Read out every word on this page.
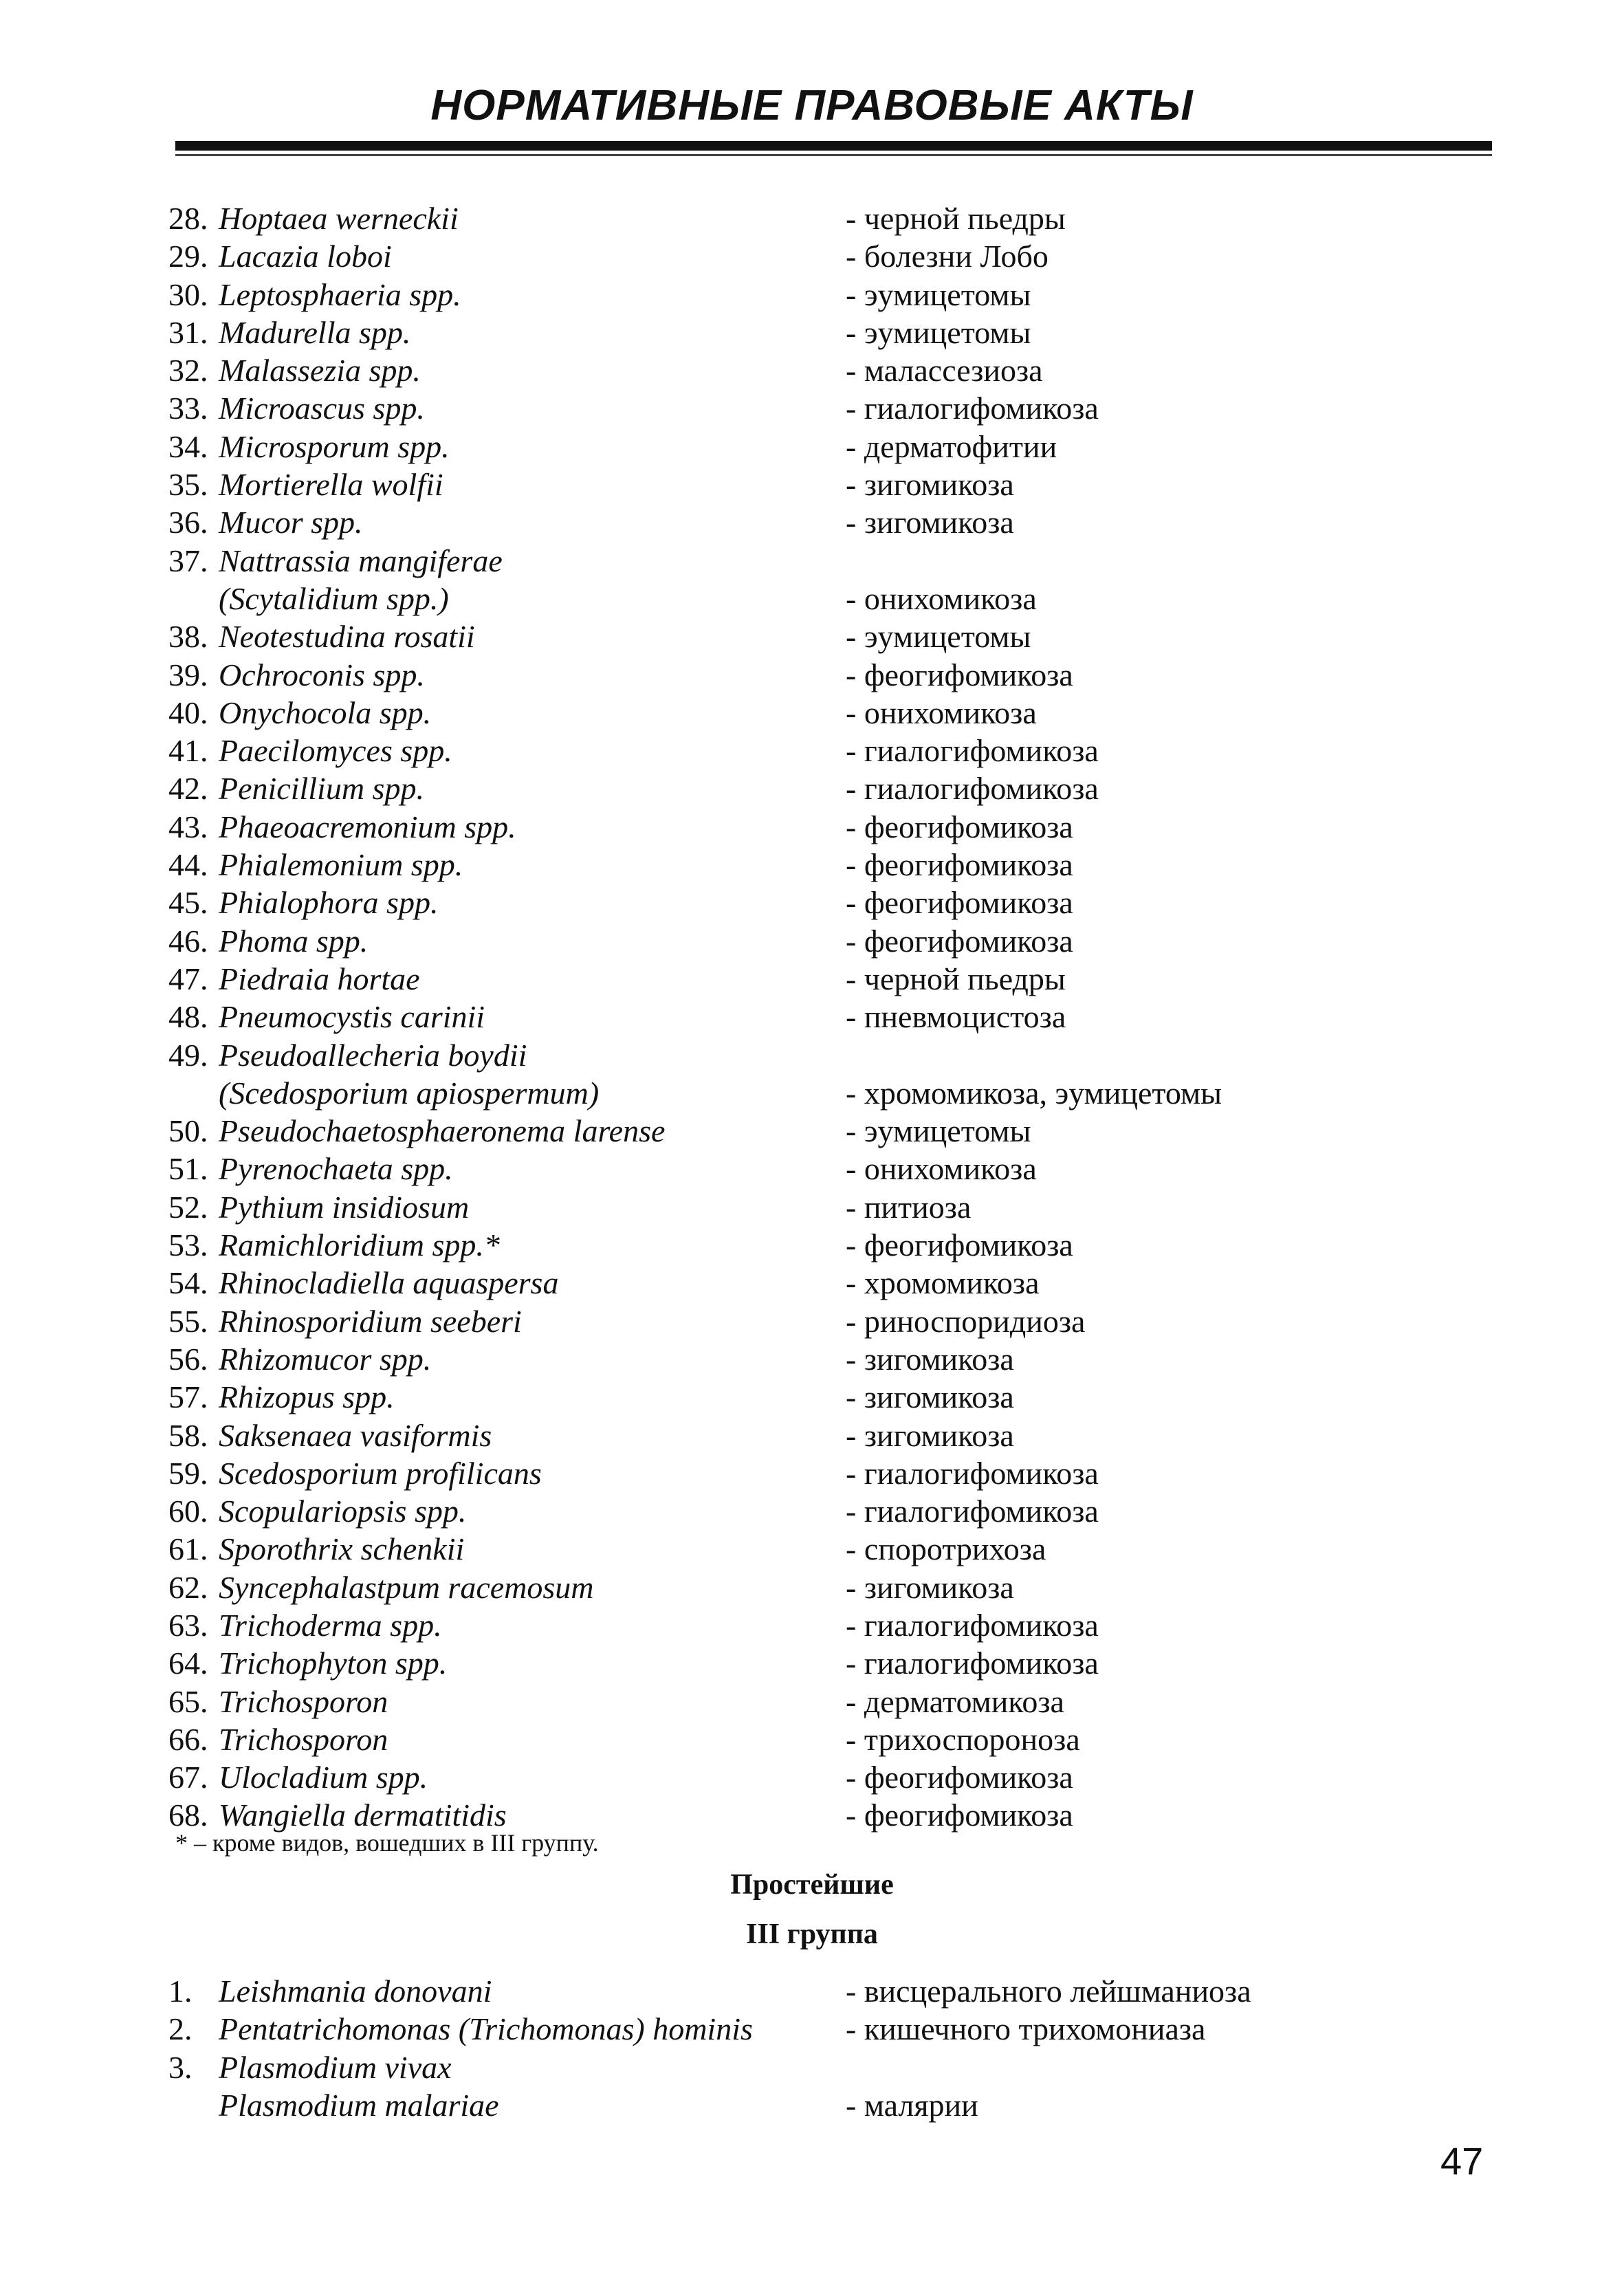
НОРМАТИВНЫЕ ПРАВОВЫЕ АКТЫ
28. Hoptaea werneckii	- черной пьедры
29. Lacazia loboi	- болезни Лобо
30. Leptosphaeria spp.	- эумицетомы
31. Madurella spp.	- эумицетомы
32. Malassezia spp.	- малассезиоза
33. Microascus spp.	- гиалогифомикоза
34. Microsporum spp.	- дерматофитии
35. Mortierella wolfii	- зигомикоза
36. Mucor spp.	- зигомикоза
37. Nattrassia mangiferae
(Scytalidium spp.)	- онихомикоза
38. Neotestudina rosatii	- эумицетомы
39. Ochroconis spp.	- феогифомикоза
40. Onychocola spp.	- онихомикоза
41. Paecilomyces spp.	- гиалогифомикоза
42. Penicillium spp.	- гиалогифомикоза
43. Phaeoacremonium spp.	- феогифомикоза
44. Phialemonium spp.	- феогифомикоза
45. Phialophora spp.	- феогифомикоза
46. Phoma spp.	- феогифомикоза
47. Piedraia hortae	- черной пьедры
48. Pneumocystis carinii	- пневмоцистоза
49. Pseudoallecheria boydii
(Scedosporium apiospermum)	- хромомикоза, эумицетомы
50. Pseudochaetosphaeronema larense	- эумицетомы
51. Pyrenochaeta spp.	- онихомикоза
52. Pythium insidiosum	- питиоза
53. Ramichloridium spp.*	- феогифомикоза
54. Rhinocladiella aquaspersa	- хромомикоза
55. Rhinosporidium seeberi	- риноспоридиоза
56. Rhizomucor spp.	- зигомикоза
57. Rhizopus spp.	- зигомикоза
58. Saksenaea vasiformis	- зигомикоза
59. Scedosporium profilicans	- гиалогифомикоза
60. Scopulariopsis spp.	- гиалогифомикоза
61. Sporothrix schenkii	- споротрихоза
62. Syncephalastpum racemosum	- зигомикоза
63. Trichoderma spp.	- гиалогифомикоза
64. Trichophyton spp.	- гиалогифомикоза
65. Trichosporon	- дерматомикоза
66. Trichosporon	- трихоспороноза
67. Ulocladium spp.	- феогифомикоза
68. Wangiella dermatitidis	- феогифомикоза
* – кроме видов, вошедших в III группу.
Простейшие
III группа
1. Leishmania donovani	- висцерального лейшманиоза
2. Pentatrichomonas (Trichomonas) hominis	- кишечного трихомониаза
3. Plasmodium vivax
Plasmodium malariae	- малярии
47
